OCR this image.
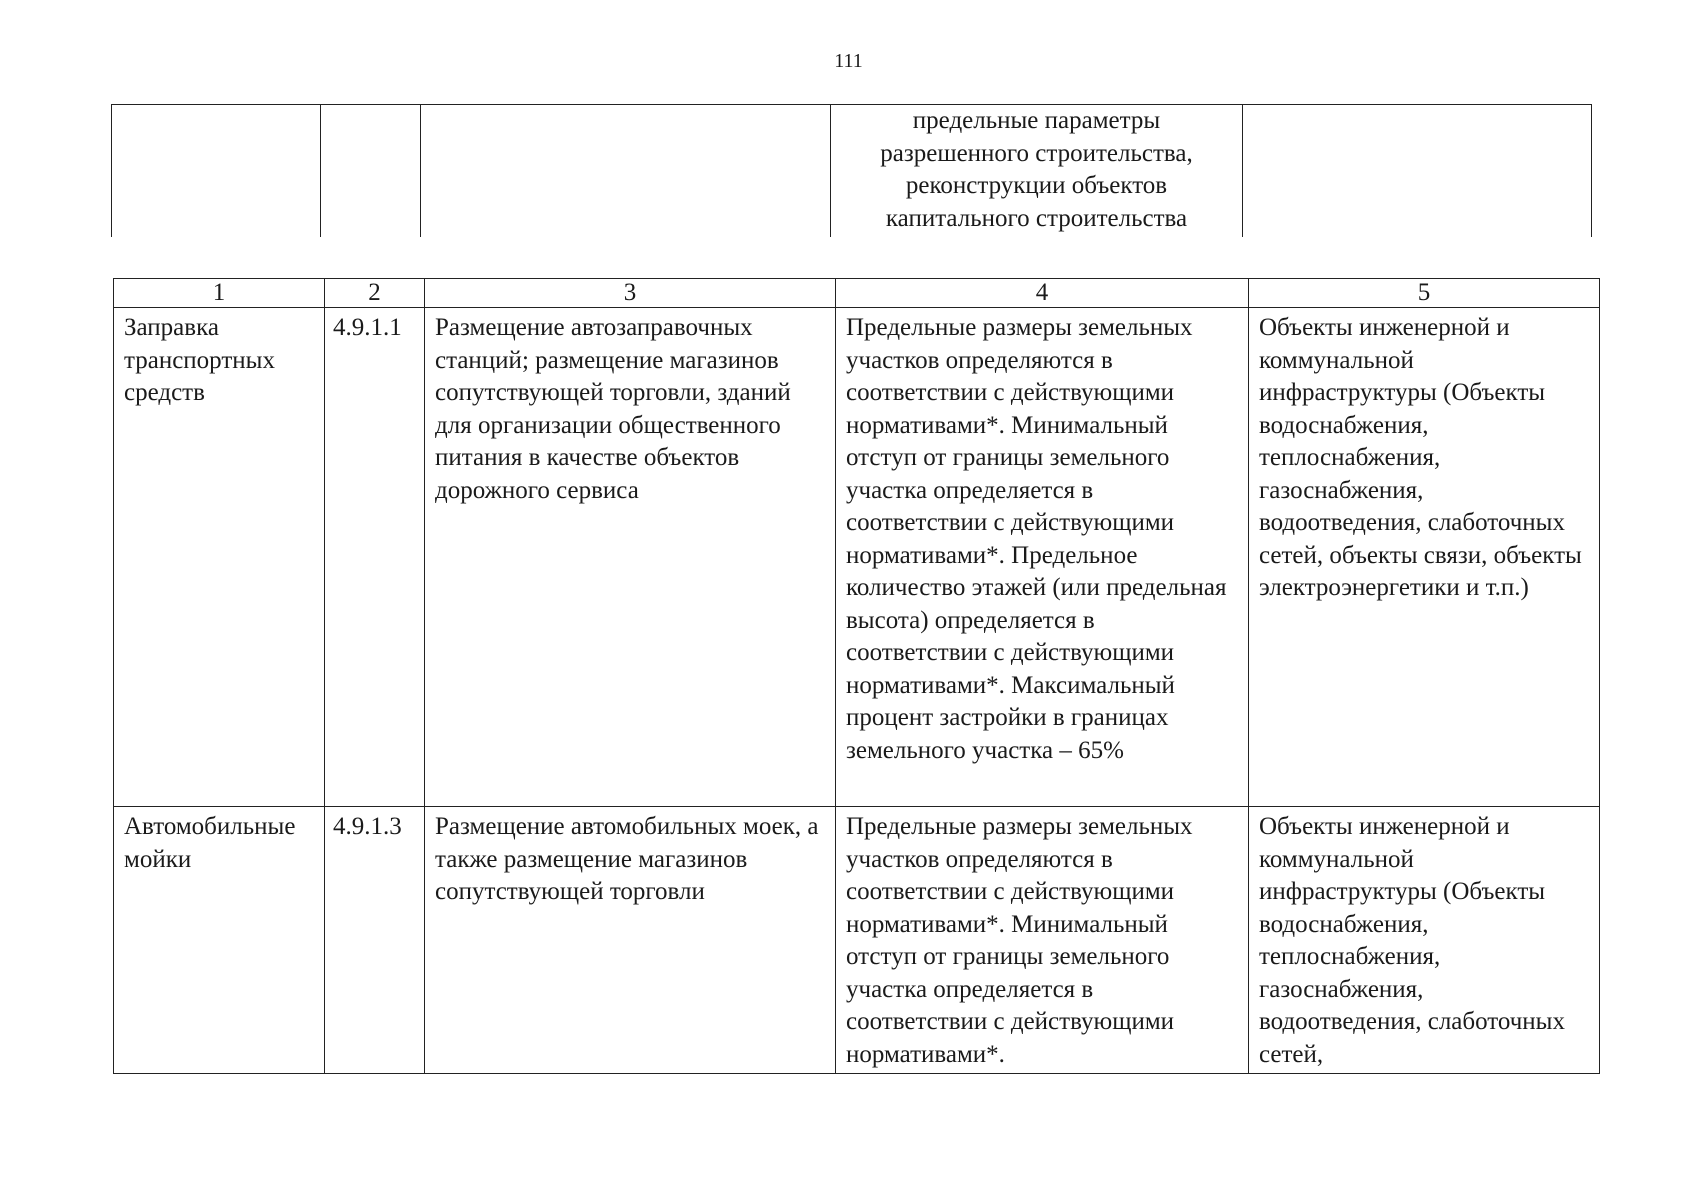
111
			предельные параметры разрешенного строительства, реконструкции объектов капитального строительства	
1	2	3	4	5
Заправка транспортных средств	4.9.1.1	Размещение автозаправочных станций; размещение магазинов сопутствующей торговли, зданий для организации общественного питания в качестве объектов дорожного сервиса	Предельные размеры земельных участков определяются в соответствии с действующими нормативами*. Минимальный отступ от границы земельного участка определяется в соответствии с действующими нормативами*. Предельное количество этажей (или предельная высота) определяется в соответствии с действующими нормативами*. Максимальный процент застройки в границах земельного участка – 65%	Объекты инженерной и коммунальной инфраструктуры (Объекты водоснабжения, теплоснабжения, газоснабжения, водоотведения, слаботочных сетей, объекты связи, объекты электроэнергетики и т.п.)
Автомобильные мойки	4.9.1.3	Размещение автомобильных моек, а также размещение магазинов сопутствующей торговли	Предельные размеры земельных участков определяются в соответствии с действующими нормативами*. Минимальный отступ от границы земельного участка определяется в соответствии с действующими нормативами*.	Объекты инженерной и коммунальной инфраструктуры (Объекты водоснабжения, теплоснабжения, газоснабжения, водоотведения, слаботочных сетей,
